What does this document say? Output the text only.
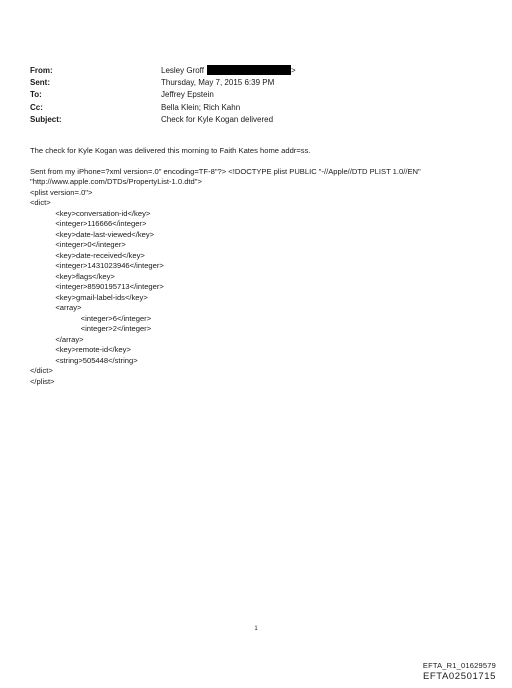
From:	Lesley Groff	>
Sent:	Thursday, May 7, 2015 6:39 PM
To:	Jeffrey Epstein
Cc:	Bella Klein; Rich Kahn
Subject:	Check for Kyle Kogan delivered

The check for Kyle Kogan was delivered this morning to Faith Kates home addr=ss.

Sent from my iPhone=?xml version=.0" encoding=TF-8"?> <!DOCTYPE plist PUBLIC "-//Apple//DTD PLIST 1.0//EN"
"http://www.apple.com/DTDs/PropertyList-1.0.dtd">
<plist version=.0">
<dict>
<key>conversation-id</key>
<integer>116666</integer>
<key>date-last-viewed</key>
<integer>0</integer>
<key>date-received</key>
<integer>1431023946</integer>
<key>flags</key>
<integer>8590195713</integer>
<key>gmail-label-ids</key>
<array>
<integer>6</integer>
<integer>2</integer>
</array>
<key>remote-id</key>
<string>505448</string>
</dict>
</plist>
1
EFTA_R1_01629579
EFTA02501715
